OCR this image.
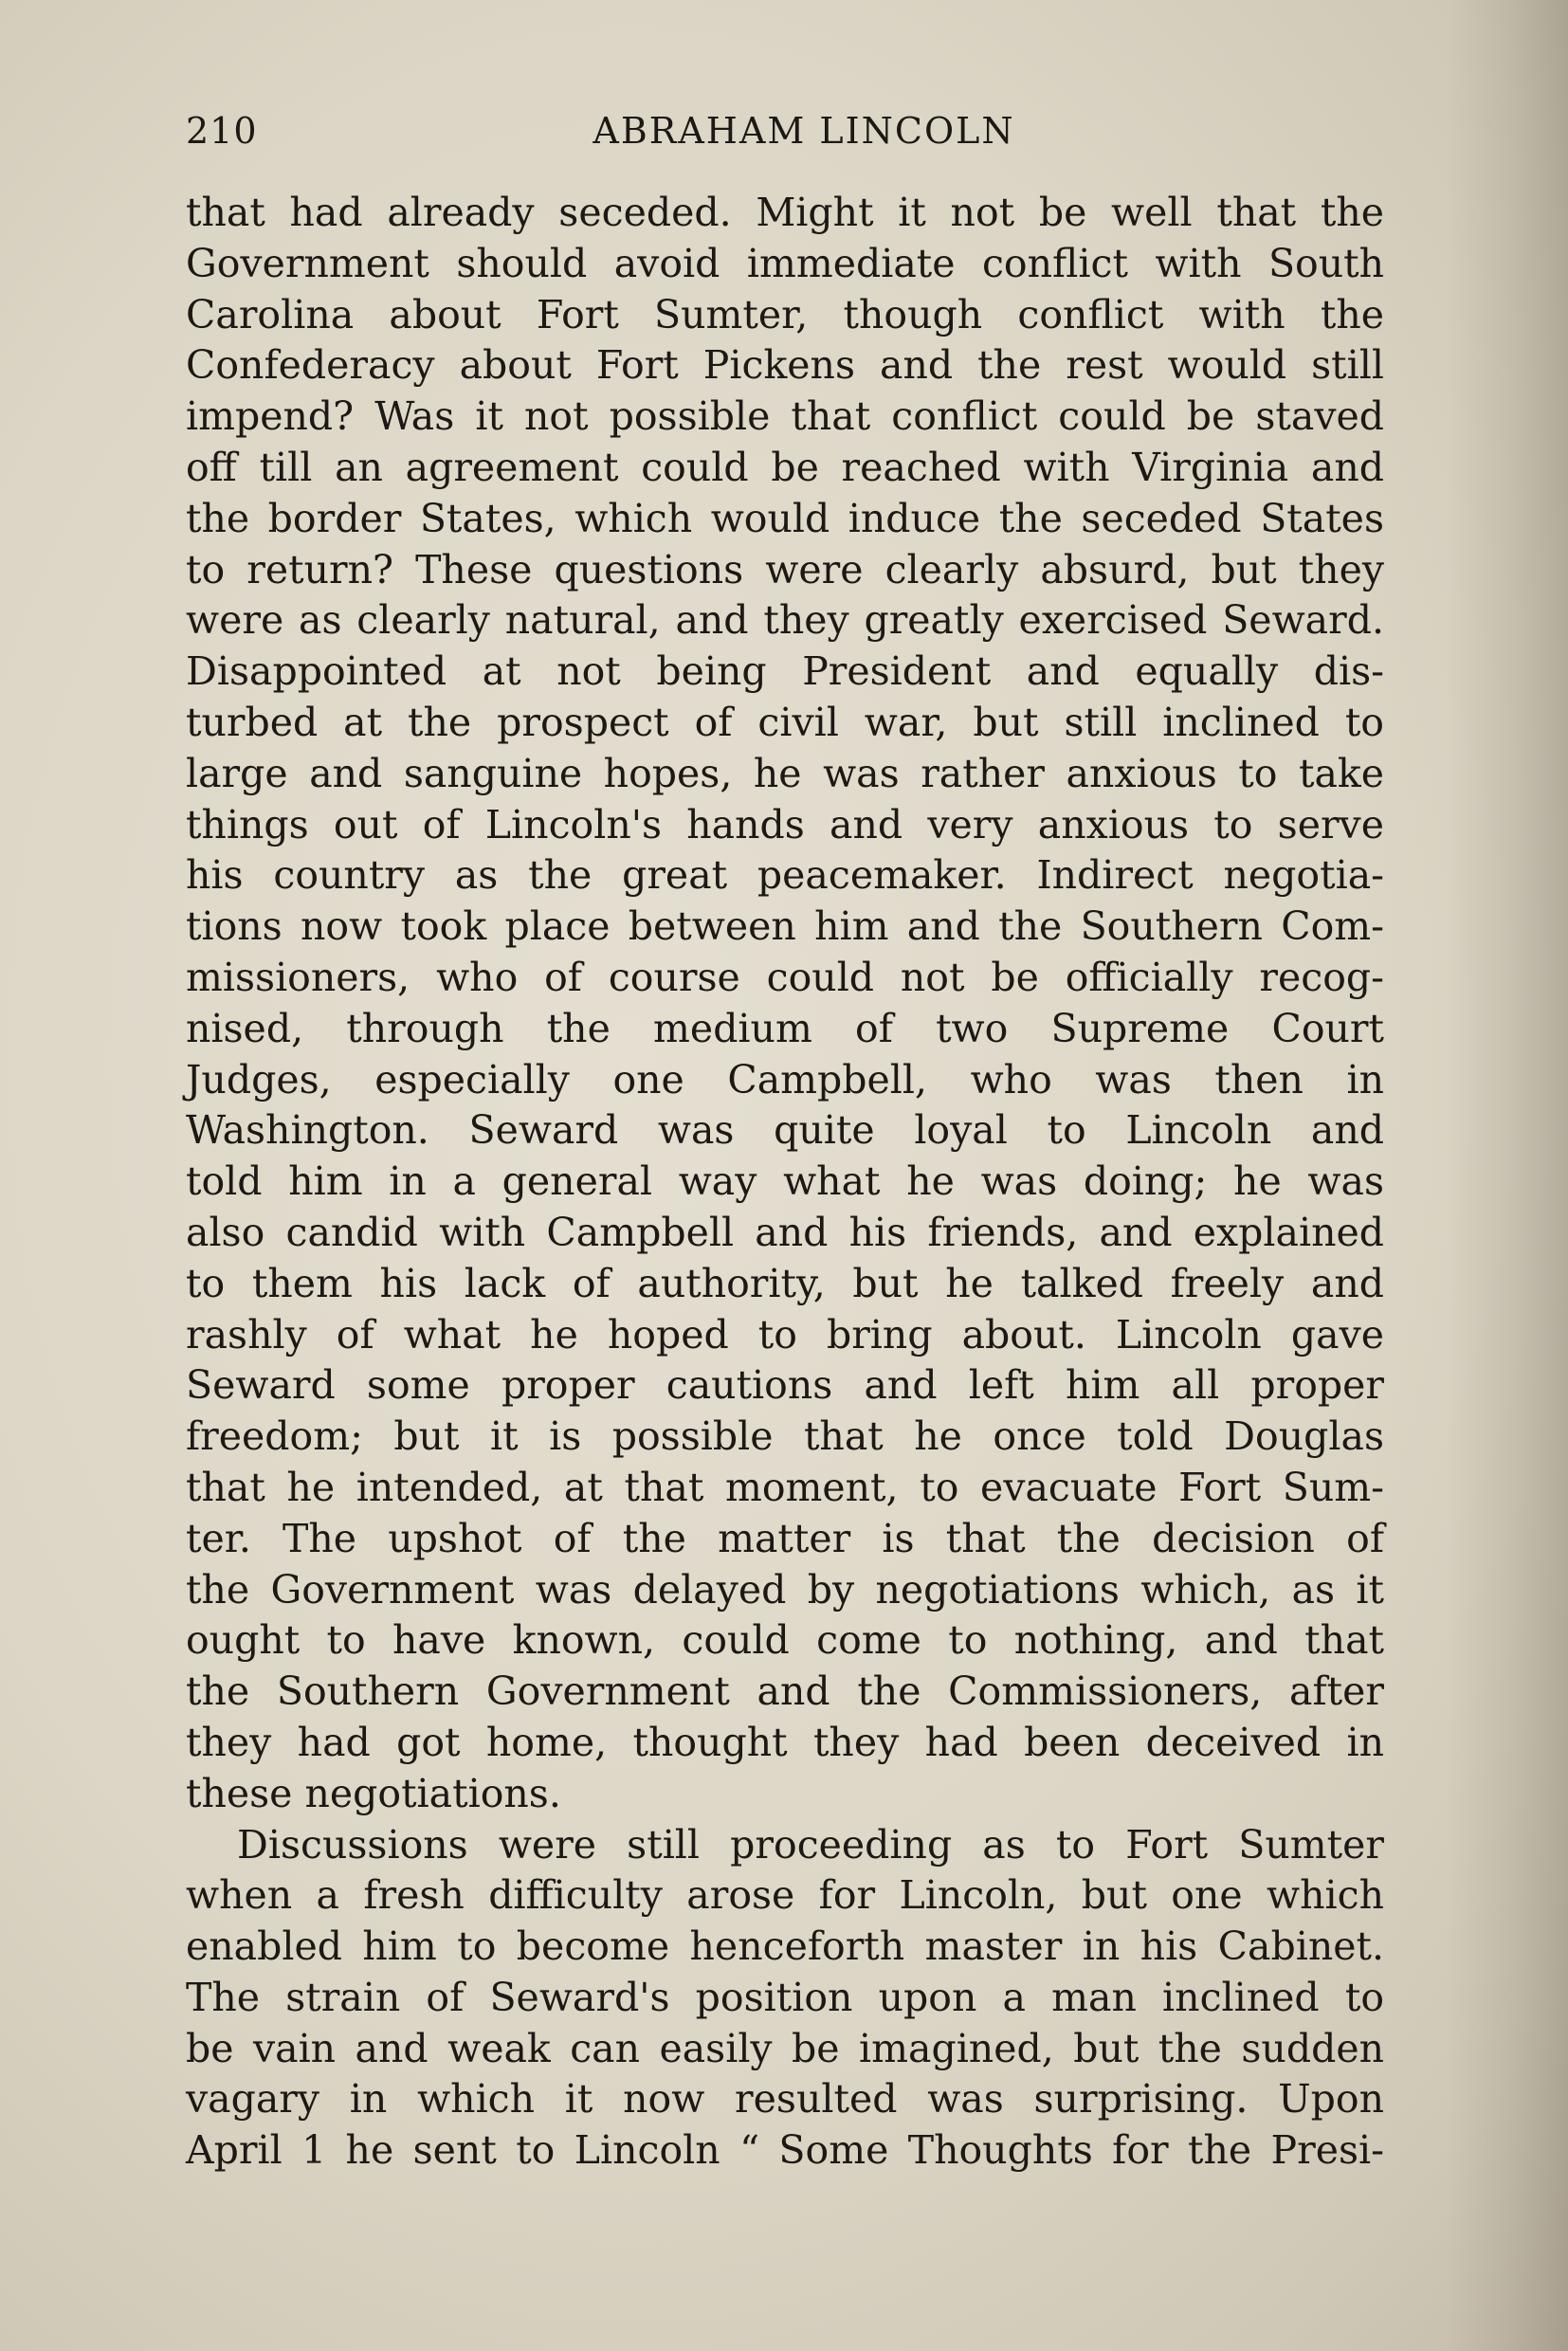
210	ABRAHAM LINCOLN
that had already seceded. Might it not be well that the
Government should avoid immediate conflict with South
Carolina about Fort Sumter, though conflict with the
Confederacy about Fort Pickens and the rest would still
impend? Was it not possible that conflict could be staved
off till an agreement could be reached with Virginia and
the border States, which would induce the seceded States
to return? These questions were clearly absurd, but they
were as clearly natural, and they greatly exercised Seward.
Disappointed at not being President and equally dis-
turbed at the prospect of civil war, but still inclined to
large and sanguine hopes, he was rather anxious to take
things out of Lincoln's hands and very anxious to serve
his country as the great peacemaker. Indirect negotia-
tions now took place between him and the Southern Com-
missioners, who of course could not be officially recog-
nised, through the medium of two Supreme Court
Judges, especially one Campbell, who was then in
Washington. Seward was quite loyal to Lincoln and
told him in a general way what he was doing; he was
also candid with Campbell and his friends, and explained
to them his lack of authority, but he talked freely and
rashly of what he hoped to bring about. Lincoln gave
Seward some proper cautions and left him all proper
freedom; but it is possible that he once told Douglas
that he intended, at that moment, to evacuate Fort Sum-
ter. The upshot of the matter is that the decision of
the Government was delayed by negotiations which, as it
ought to have known, could come to nothing, and that
the Southern Government and the Commissioners, after
they had got home, thought they had been deceived in
these negotiations.
Discussions were still proceeding as to Fort Sumter
when a fresh difficulty arose for Lincoln, but one which
enabled him to become henceforth master in his Cabinet.
The strain of Seward's position upon a man inclined to
be vain and weak can easily be imagined, but the sudden
vagary in which it now resulted was surprising. Upon
April 1 he sent to Lincoln “ Some Thoughts for the Presi-
